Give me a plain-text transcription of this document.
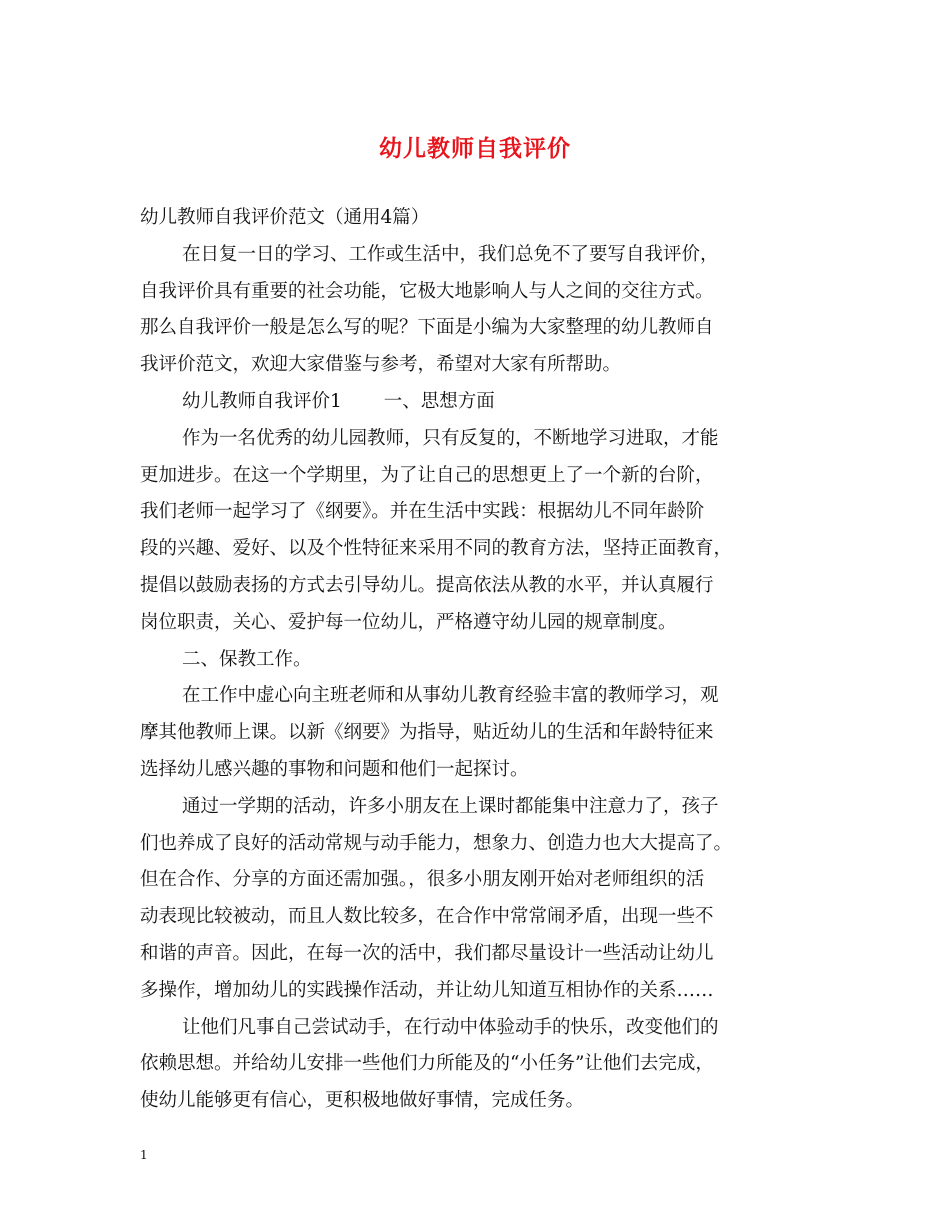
幼儿教师自我评价
幼儿教师自我评价范文（通用4篇）
在日复一日的学习、工作或生活中，我们总免不了要写自我评价，
自我评价具有重要的社会功能，它极大地影响人与人之间的交往方式。
那么自我评价一般是怎么写的呢？下面是小编为大家整理的幼儿教师自
我评价范文，欢迎大家借鉴与参考，希望对大家有所帮助。
幼儿教师自我评价1 一、思想方面
作为一名优秀的幼儿园教师，只有反复的，不断地学习进取，才能
更加进步。在这一个学期里，为了让自己的思想更上了一个新的台阶，
我们老师一起学习了《纲要》。并在生活中实践：根据幼儿不同年龄阶
段的兴趣、爱好、以及个性特征来采用不同的教育方法，坚持正面教育，
提倡以鼓励表扬的方式去引导幼儿。提高依法从教的水平，并认真履行
岗位职责，关心、爱护每一位幼儿，严格遵守幼儿园的规章制度。
二、保教工作。
在工作中虚心向主班老师和从事幼儿教育经验丰富的教师学习，观
摩其他教师上课。以新《纲要》为指导，贴近幼儿的生活和年龄特征来
选择幼儿感兴趣的事物和问题和他们一起探讨。
通过一学期的活动，许多小朋友在上课时都能集中注意力了，孩子
们也养成了良好的活动常规与动手能力，想象力、创造力也大大提高了。
但在合作、分享的方面还需加强。，很多小朋友刚开始对老师组织的活
动表现比较被动，而且人数比较多，在合作中常常闹矛盾，出现一些不
和谐的声音。因此，在每一次的活中，我们都尽量设计一些活动让幼儿
多操作，增加幼儿的实践操作活动，并让幼儿知道互相协作的关系……
让他们凡事自己尝试动手，在行动中体验动手的快乐，改变他们的
依赖思想。并给幼儿安排一些他们力所能及的“小任务”让他们去完成，
使幼儿能够更有信心，更积极地做好事情，完成任务。
1
